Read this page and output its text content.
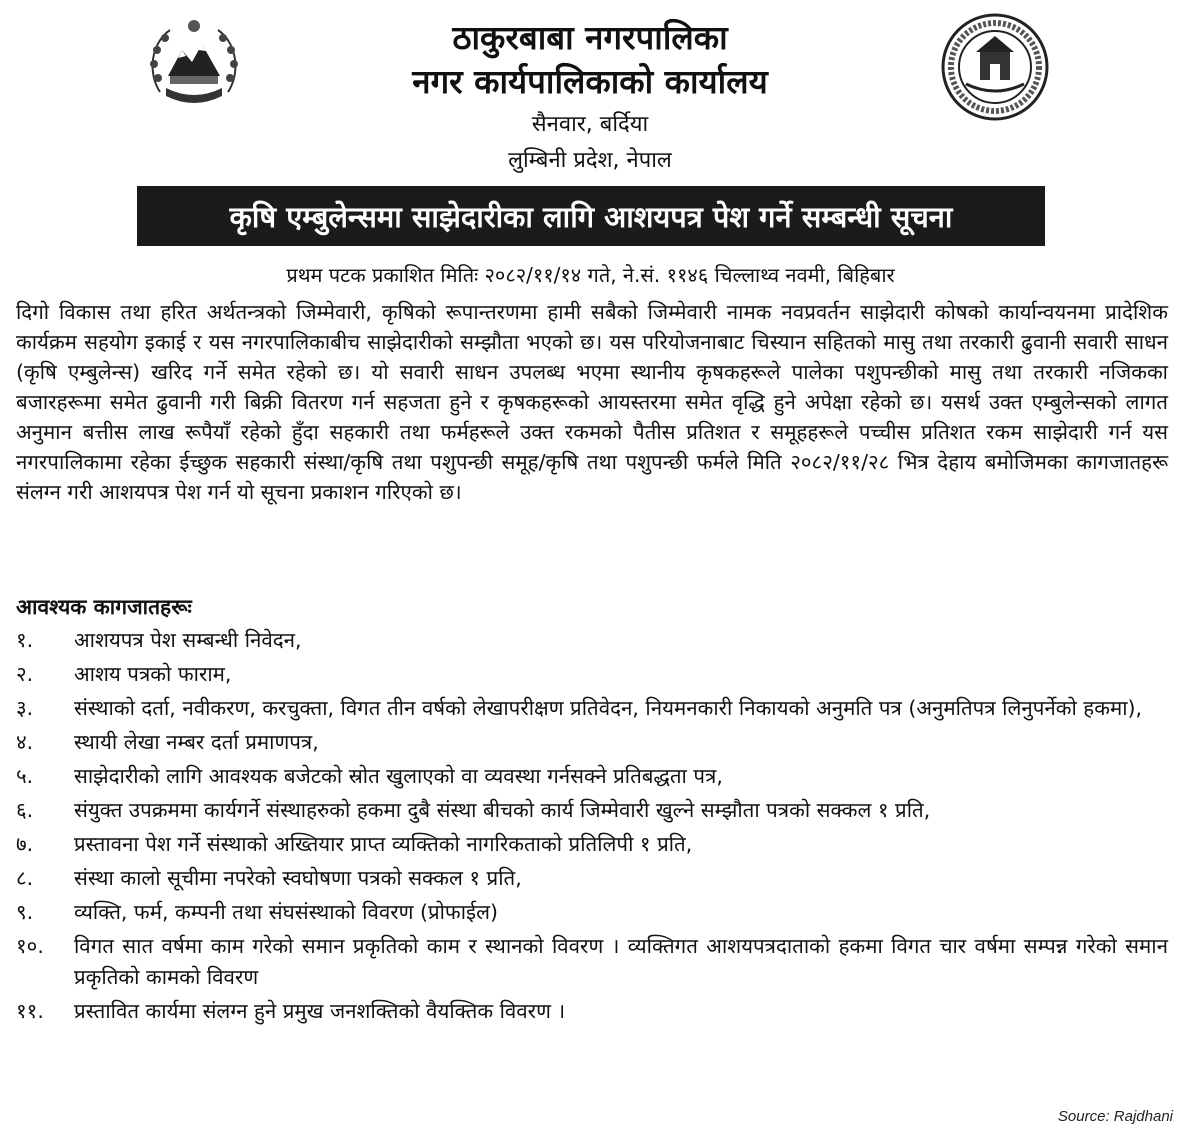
ठाकुरबाबा नगरपालिका
नगर कार्यपालिकाको कार्यालय
सैनवार, बर्दिया
लुम्बिनी प्रदेश, नेपाल
कृषि एम्बुलेन्समा साझेदारीका लागि आशयपत्र पेश गर्ने सम्बन्धी सूचना
प्रथम पटक प्रकाशित मितिः २०८२/११/१४ गते, ने.सं. ११४६ चिल्लाथ्व नवमी, बिहिबार
दिगो विकास तथा हरित अर्थतन्त्रको जिम्मेवारी, कृषिको रूपान्तरणमा हामी सबैको जिम्मेवारी नामक नवप्रवर्तन साझेदारी कोषको कार्यान्वयनमा प्रादेशिक कार्यक्रम सहयोग इकाई र यस नगरपालिकाबीच साझेदारीको सम्झौता भएको छ। यस परियोजनाबाट चिस्यान सहितको मासु तथा तरकारी ढुवानी सवारी साधन (कृषि एम्बुलेन्स) खरिद गर्ने समेत रहेको छ। यो सवारी साधन उपलब्ध भएमा स्थानीय कृषकहरूले पालेका पशुपन्छीको मासु तथा तरकारी नजिकका बजारहरूमा समेत ढुवानी गरी बिक्री वितरण गर्न सहजता हुने र कृषकहरूको आयस्तरमा समेत वृद्धि हुने अपेक्षा रहेको छ। यसर्थ उक्त एम्बुलेन्सको लागत अनुमान बत्तीस लाख रूपैयाँ रहेको हुँदा सहकारी तथा फर्महरूले उक्त रकमको पैतीस प्रतिशत र समूहहरूले पच्चीस प्रतिशत रकम साझेदारी गर्न यस नगरपालिकामा रहेका ईच्छुक सहकारी संस्था/कृषि तथा पशुपन्छी समूह/कृषि तथा पशुपन्छी फर्मले मिति २०८२/११/२८ भित्र देहाय बमोजिमका कागजातहरू संलग्न गरी आशयपत्र पेश गर्न यो सूचना प्रकाशन गरिएको छ।
आवश्यक कागजातहरूः
१.	आशयपत्र पेश सम्बन्धी निवेदन,
२.	आशय पत्रको फाराम,
३.	संस्थाको दर्ता, नवीकरण, करचुक्ता, विगत तीन वर्षको लेखापरीक्षण प्रतिवेदन, नियमनकारी निकायको अनुमति पत्र (अनुमतिपत्र लिनुपर्नेको हकमा),
४.	स्थायी लेखा नम्बर दर्ता प्रमाणपत्र,
५.	साझेदारीको लागि आवश्यक बजेटको स्रोत खुलाएको वा व्यवस्था गर्नसक्ने प्रतिबद्धता पत्र,
६.	संयुक्त उपक्रममा कार्यगर्ने संस्थाहरुको हकमा दुबै संस्था बीचको कार्य जिम्मेवारी खुल्ने सम्झौता पत्रको सक्कल १ प्रति,
७.	प्रस्तावना पेश गर्ने संस्थाको अख्तियार प्राप्त व्यक्तिको नागरिकताको प्रतिलिपी १ प्रति,
८.	संस्था कालो सूचीमा नपरेको स्वघोषणा पत्रको सक्कल १ प्रति,
९.	व्यक्ति, फर्म, कम्पनी तथा संघसंस्थाको विवरण (प्रोफाईल)
१०.	विगत सात वर्षमा काम गरेको समान प्रकृतिको काम र स्थानको विवरण । व्यक्तिगत आशयपत्रदाताको हकमा विगत चार वर्षमा सम्पन्न गरेको समान प्रकृतिको कामको विवरण
११.	प्रस्तावित कार्यमा संलग्न हुने प्रमुख जनशक्तिको वैयक्तिक विवरण ।
Source: Rajdhani
